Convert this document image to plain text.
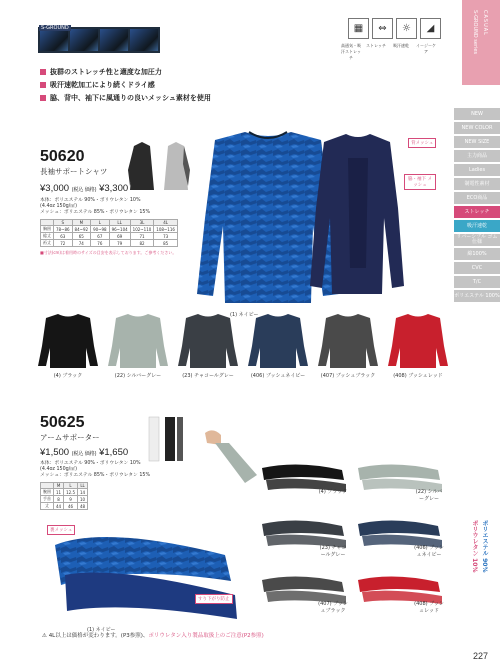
S-GROUND	▦	⇔	☼	◢
高通気・吸汗ストレッチ
ストレッチ	吸汗速乾	イージーケア
抜群のストレッチ性と適度な加圧力
吸汗速乾加工により続くドライ感
脇、背中、袖下に風通りの良いメッシュ素材を使用
CASUAL
S-GROUND series
NEW
NEW COLOR
NEW SIZE
主力商品
Ladies
制電性素材
ECO商品
ストレッチ
吸汗速乾
リバーシブル ゴム仕様
綿100%
CVC
T/C
ポリエステル 100%
50620
長袖サポートシャツ
¥3,000 (税込 価格) ¥3,300
本体：ポリエステル 90%・ポリウレタン 10%
(4.4oz 150g/㎡)
メッシュ：ポリエステル 85%・ポリウレタン 15%
	S	M	L	LL	3L	4L
胸囲	78~86	84~92	90~98	96~104	102~110	108~116
総丈	63	65	67	69	71	73
裄丈	72	74	76	79	82	85
■寸法(cm)は着用時のサイズの目安を表示しております。ご参考ください。
背メッシュ
脇・袖下 メッシュ
(1) ネイビー
(4) ブラック	(22) シルバーグレー	(23) チャコールグレー	(406) ブッシュネイビー	(407) ブッシュブラック	(408) ブッシュレッド
50625
アームサポーター
¥1,500 (税込 価格) ¥1,650
本体：ポリエステル 90%・ポリウレタン 10%
(4.4oz 150g/㎡)
メッシュ：ポリエステル 85%・ポリウレタン 15%
	M	L	LL
腕囲	11	12.5	14
手首	8	9	10
丈	44	46	48
裏メッシュ
すり下がり防止
(1) ネイビー
(4) ブラック	(22) シルバーグレー
(23) チャコールグレー
(406) ブッシュネイビー
(407) ブッシュブラック
(408) ブッシュレッド
ポリエステル 90%
ポリウレタン 10%
⚠ 4L以上は価格が変わります。(P3参照)、ポリウレタン入り製品取扱上のご注意(P2参照)
227
